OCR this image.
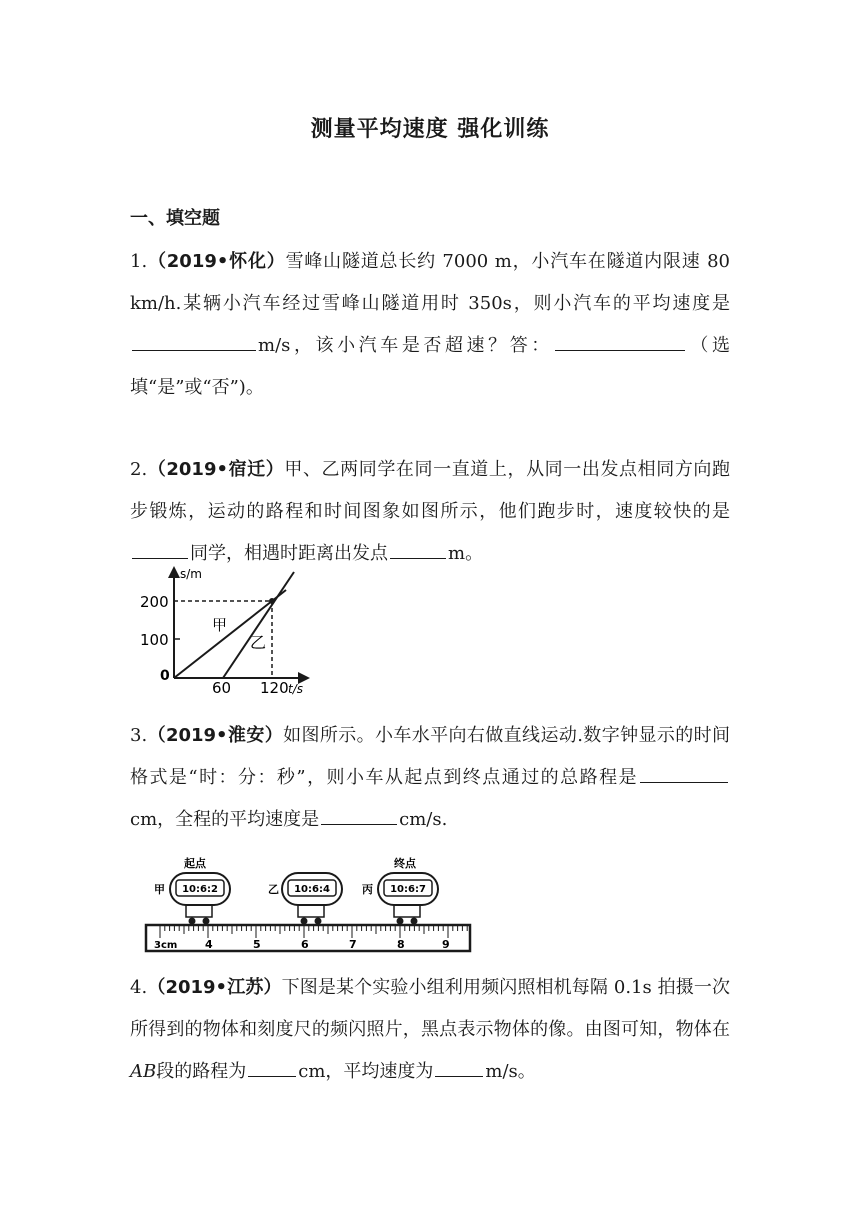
测量平均速度 强化训练
一、填空题
1.（2019•怀化）雪峰山隧道总长约 7000 m，小汽车在隧道内限速 80 km/h.某辆小汽车经过雪峰山隧道用时 350s，则小汽车的平均速度是m/s，该小汽车是否超速？答：	（选填“是”或“否”)。
2.（2019•宿迁）甲、乙两同学在同一直道上，从同一出发点相同方向跑步锻炼，运动的路程和时间图象如图所示，他们跑步时，速度较快的是同学，相遇时距离出发点	m。
s/m
200
100
0
60 120 t/s
甲
乙
3.（2019•淮安）如图所示。小车水平向右做直线运动.数字钟显示的时间格式是“时：分：秒”，则小车从起点到终点通过的总路程是cm，全程的平均速度是	cm/s.
10:6:2
甲
起点
10:6:4
乙	10:6:7
丙
终点
3cm	4	5	6	7	8	9
4.（2019•江苏）下图是某个实验小组利用频闪照相机每隔 0.1s 拍摄一次所得到的物体和刻度尺的频闪照片，黑点表示物体的像。由图可知，物体在AB段的路程为	cm，平均速度为	m/s。
